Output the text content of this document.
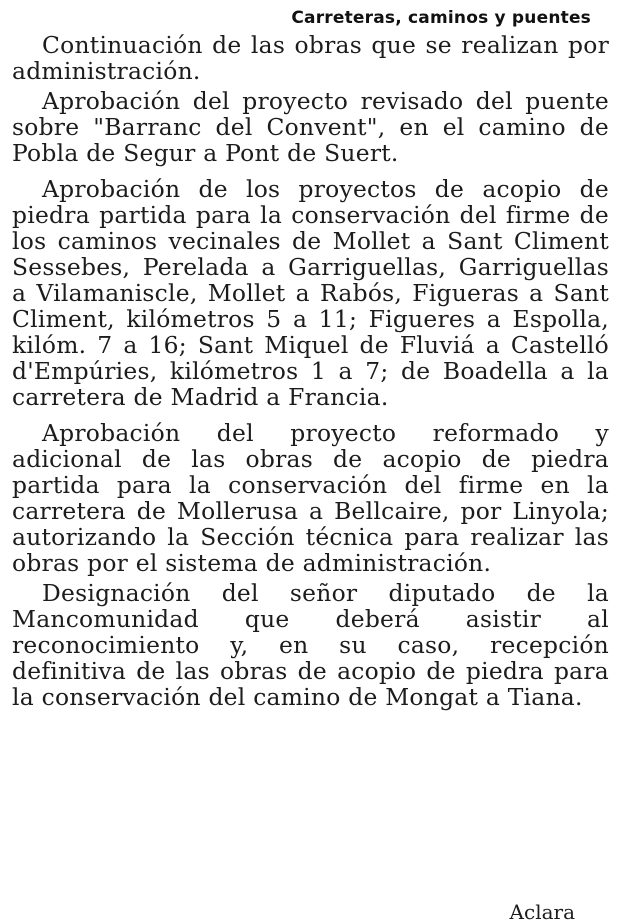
Carreteras, caminos y puentes

Continuación de las obras que se realizan por administración.

Aprobación del proyecto revisado del puente sobre "Barranc del Convent", en el camino de Pobla de Segur a Pont de Suert.

Aprobación de los proyectos de acopio de piedra partida para la conservación del firme de los caminos vecinales de Mollet a Sant Climent Sessebes, Perelada a Garriguellas, Garriguellas a Vilamaniscle, Mollet a Rabós, Figueras a Sant Climent, kilómetros 5 a 11; Figueres a Espolla, kilóm. 7 a 16; Sant Miquel de Fluviá a Castelló d'Empúries, kilómetros 1 a 7; de Boadella a la carretera de Madrid a Francia.

Aprobación del proyecto reformado y adicional de las obras de acopio de piedra partida para la conservación del firme en la carretera de Mollerusa a Bellcaire, por Linyola; autorizando la Sección técnica para realizar las obras por el sistema de administración.

Designación del señor diputado de la Mancomunidad que deberá asistir al reconocimiento y, en su caso, recepción definitiva de las obras de acopio de piedra para la conservación del camino de Mongat a Tiana.

Aclara
